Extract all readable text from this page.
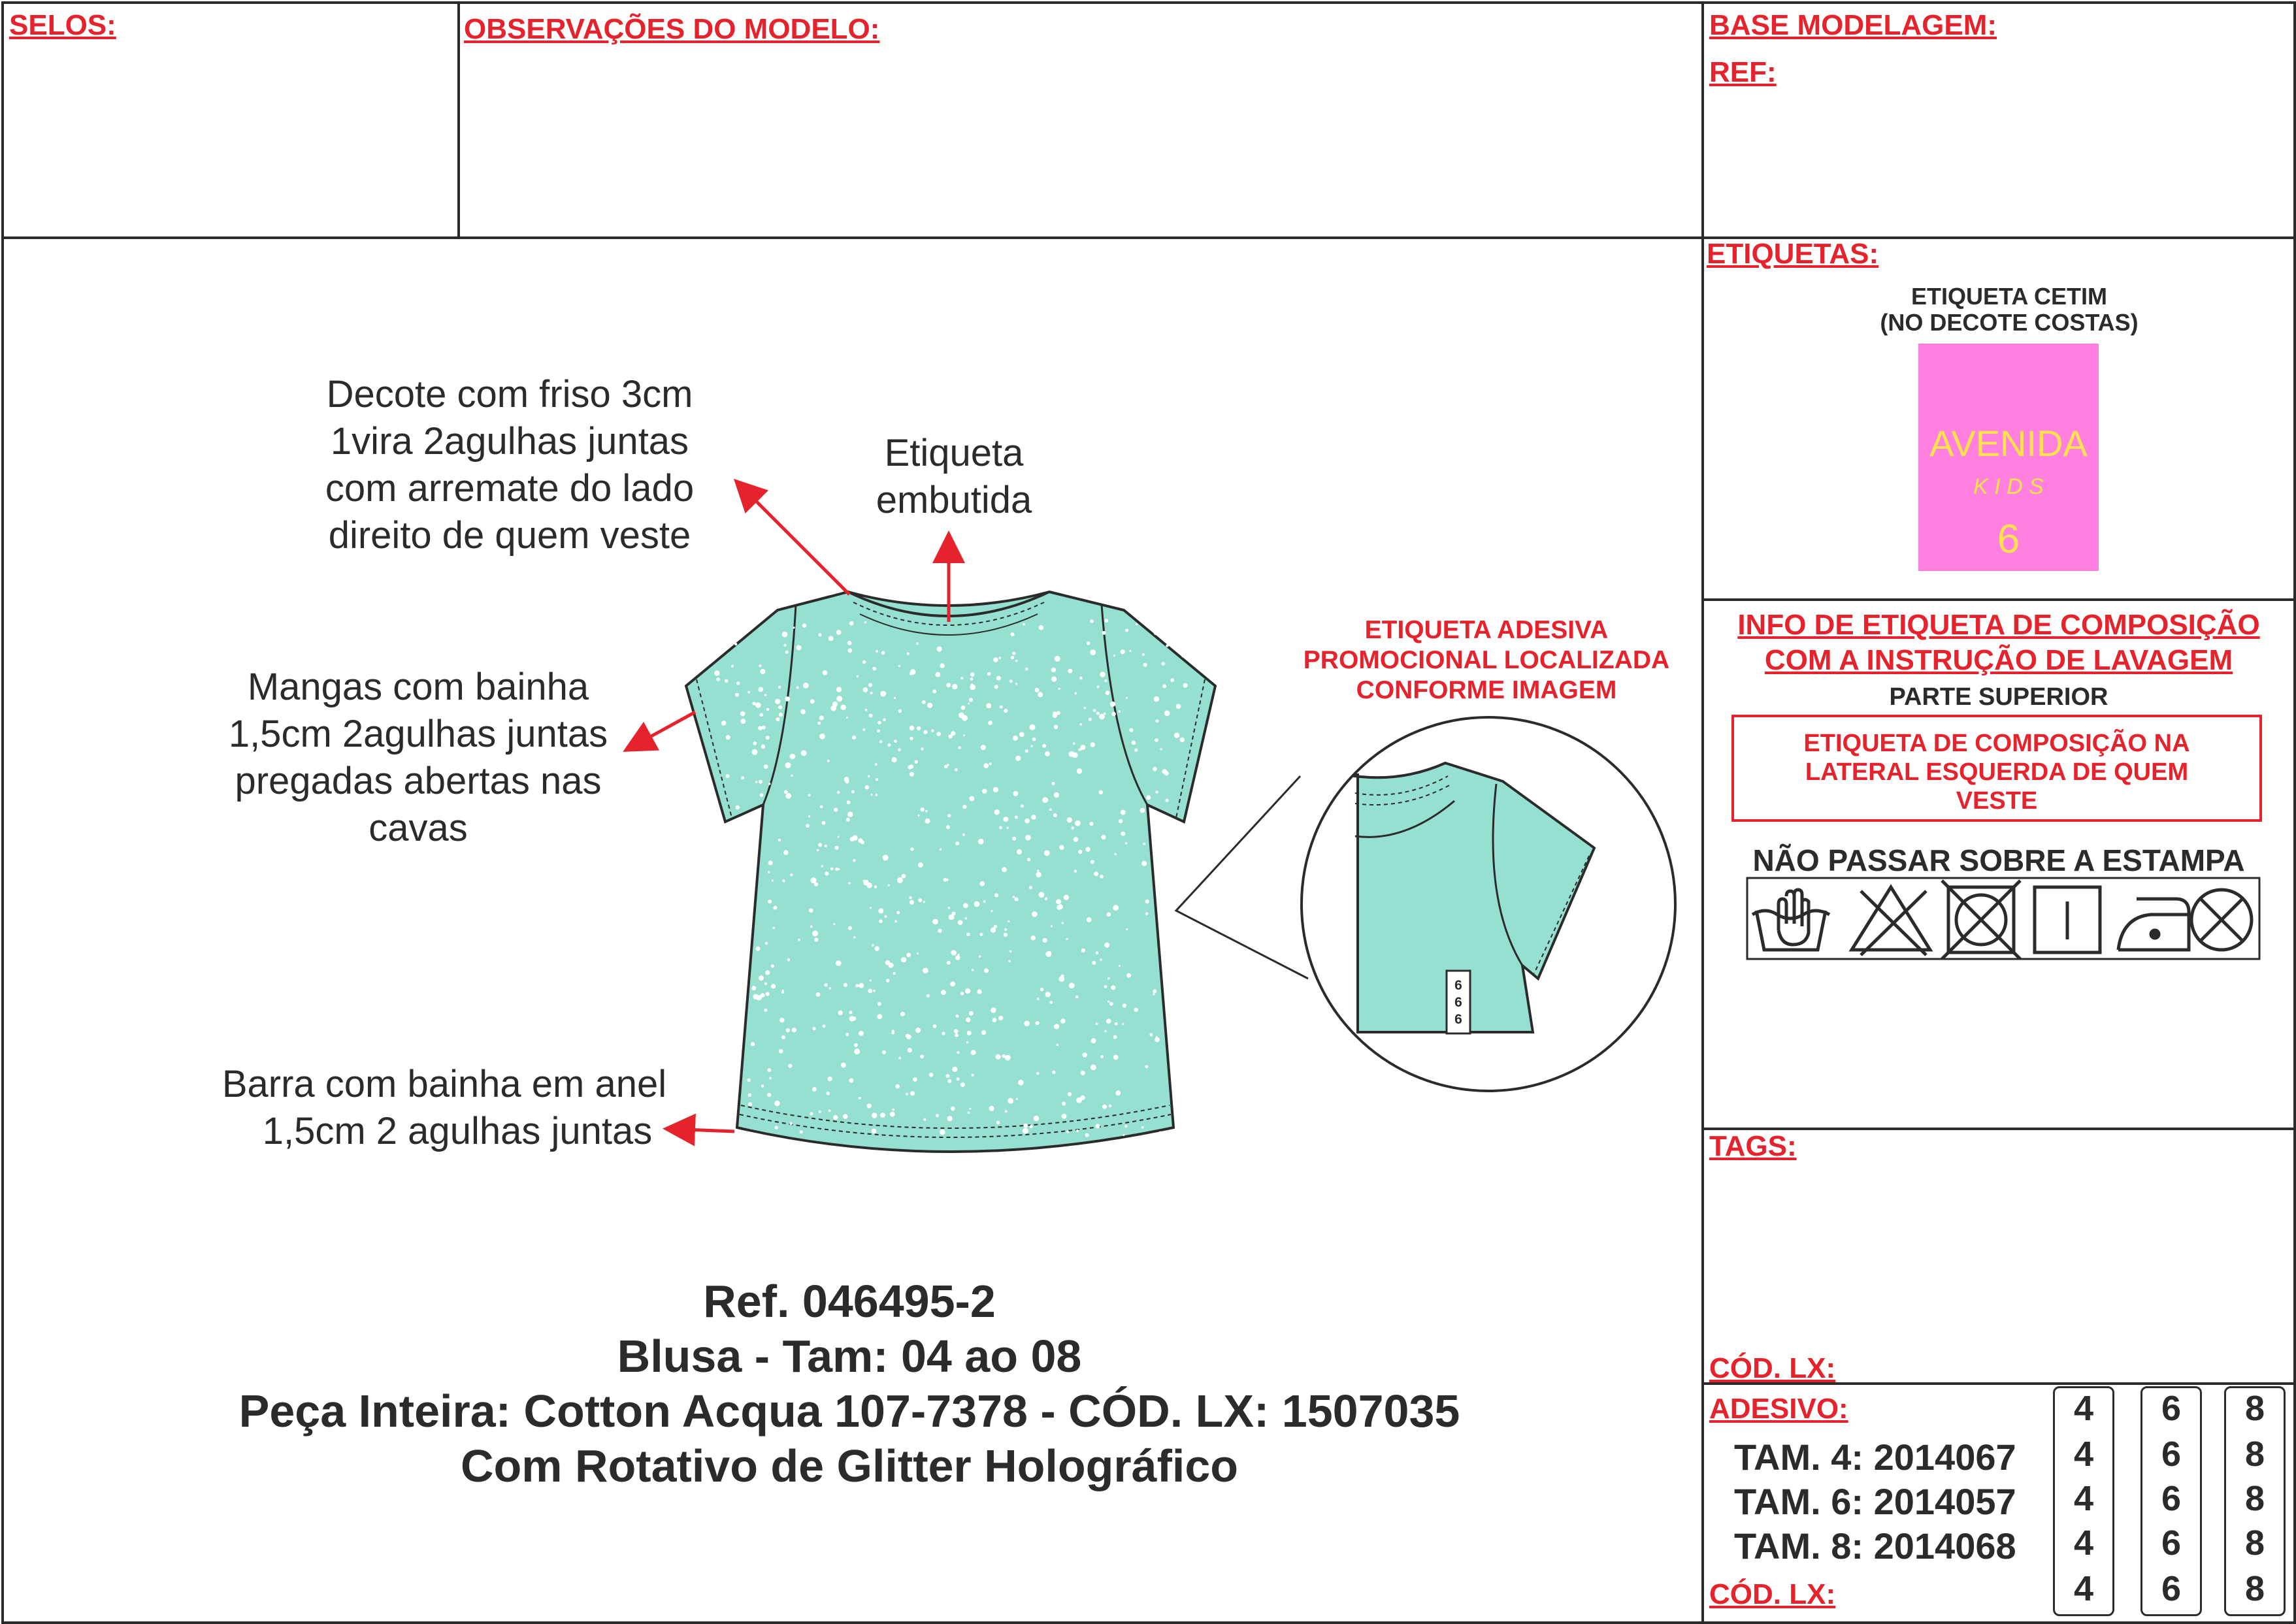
SELOS:	OBSERVAÇÕES DO MODELO:	BASE MODELAGEM:
REF:
Decote com friso 3cm
1vira 2agulhas juntas
com arremate do lado
direito de quem veste
Etiqueta
embutida
Mangas com bainha
1,5cm 2agulhas juntas
pregadas abertas nas
cavas
Barra com bainha em anel
1,5cm 2 agulhas juntas
ETIQUETA ADESIVA
PROMOCIONAL LOCALIZADA
CONFORME IMAGEM
6
6
6
Ref. 046495-2
Blusa - Tam: 04 ao 08
Peça Inteira: Cotton Acqua 107-7378 - CÓD. LX: 1507035
Com Rotativo de Glitter Holográfico
ETIQUETAS:
ETIQUETA CETIM
(NO DECOTE COSTAS)
AVENIDA
K I D S
6
INFO DE ETIQUETA DE COMPOSIÇÃO
COM A INSTRUÇÃO DE LAVAGEM
PARTE SUPERIOR
ETIQUETA DE COMPOSIÇÃO NA
LATERAL ESQUERDA DE QUEM
VESTE
NÃO PASSAR SOBRE A ESTAMPA
TAGS:
CÓD. LX:
ADESIVO:
TAM. 4: 2014067
TAM. 6: 2014057
TAM. 8: 2014068
CÓD. LX:
4
4
4
4
4
6
6
6
6
6
8
8
8
8
8
